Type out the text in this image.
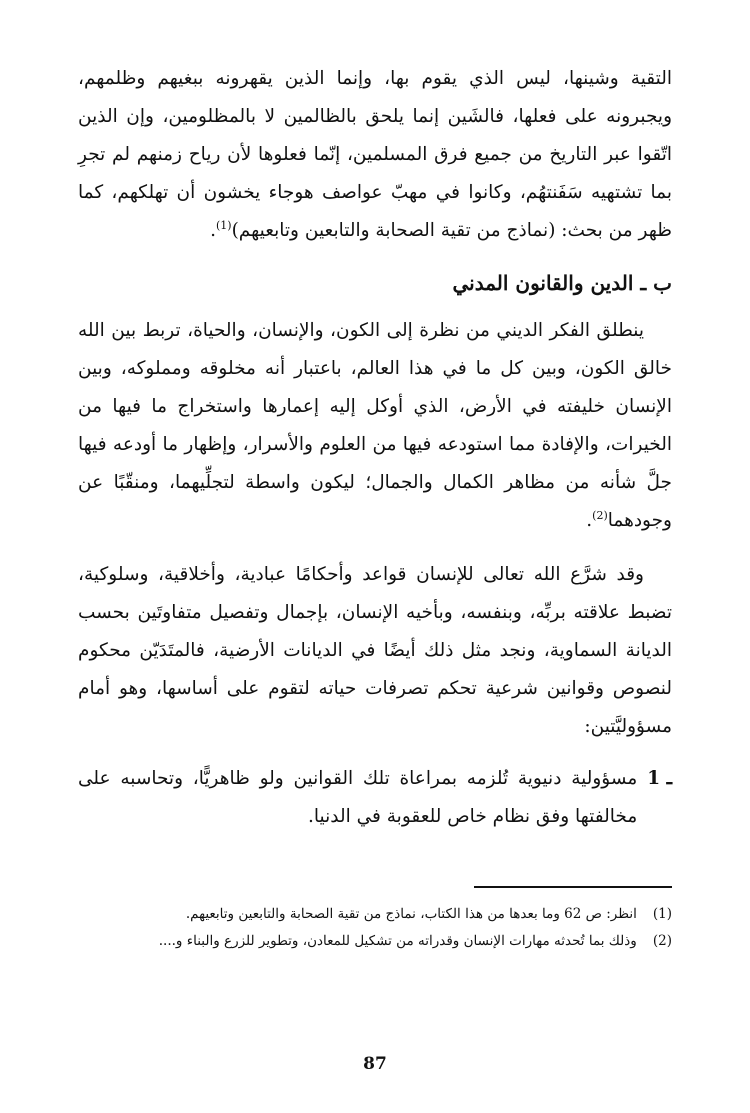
التقية وشينها، ليس الذي يقوم بها، وإنما الذين يقهرونه ببغيهم وظلمهم، ويجبرونه على فعلها، فالشَين إنما يلحق بالظالمين لا بالمظلومين، وإن الذين اتّقوا عبر التاريخ من جميع فرق المسلمين، إنّما فعلوها لأن رياح زمنهم لم تجرِ بما تشتهيه سَفَنتهُم، وكانوا في مهبّ عواصف هوجاء يخشون أن تهلكهم، كما ظهر من بحث: (نماذج من تقية الصحابة والتابعين وتابعيهم)$^{(1)}$.

ب ـ الدين والقانون المدني

ينطلق الفكر الديني من نظرة إلى الكون، والإنسان، والحياة، تربط بين الله خالق الكون، وبين كل ما في هذا العالم، باعتبار أنه مخلوقه ومملوكه، وبين الإنسان خليفته في الأرض، الذي أوكل إليه إعمارها واستخراج ما فيها من الخيرات، والإفادة مما استودعه فيها من العلوم والأسرار، وإظهار ما أودعه فيها جلَّ شأنه من مظاهر الكمال والجمال؛ ليكون واسطة لتجلِّيهما، ومنقّبًا عن وجودهما$^{(2)}$.

وقد شرَّع الله تعالى للإنسان قواعد وأحكامًا عبادية، وأخلاقية، وسلوكية، تضبط علاقته بربِّه، وبنفسه، وبأخيه الإنسان، بإجمال وتفصيل متفاوتَين بحسب الديانة السماوية، ونجد مثل ذلك أيضًا في الديانات الأرضية، فالمتَدَيّن محكوم لنصوص وقوانين شرعية تحكم تصرفات حياته لتقوم على أساسها، وهو أمام مسؤوليَّتين:

1 ـ
مسؤولية دنيوية تُلزمه بمراعاة تلك القوانين ولو ظاهريًّا، وتحاسبه على مخالفتها وفق نظام خاص للعقوبة في الدنيا.
(1)
انظر: ص 62 وما بعدها من هذا الكتاب، نماذج من تقية الصحابة والتابعين وتابعيهم.
(2)
وذلك بما تُحدثه مهارات الإنسان وقدراته من تشكيل للمعادن، وتطوير للزرع والبناء و....
87
